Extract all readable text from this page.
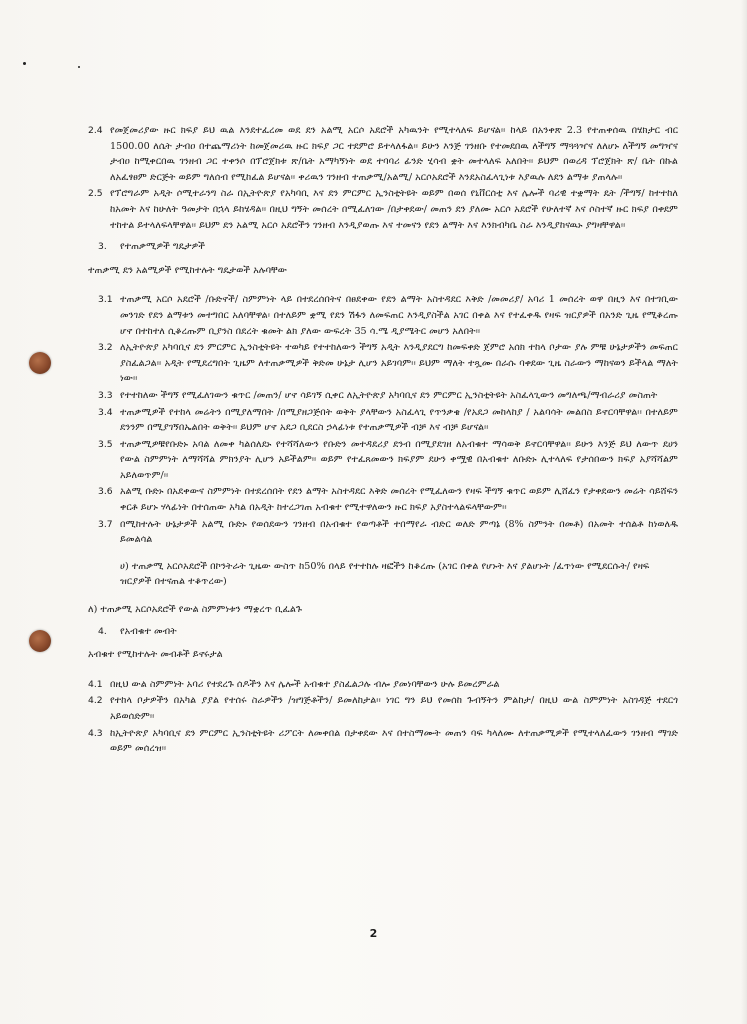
2.4 የመጀመሪያው ዙር ክፍያ ይህ ዉል እንደተፈረመ ወደ ደን አልሚ አርሶ አደሮች አካዉንት የሚተላለፍ ይሆናል፡፡ ከላይ በአንቀጽ 2.3 የተጠቀሰዉ በሄክታር ብር 1500.00 ለሴት ታብዐ በተጨማሪነት ከመጀመሪዉ ዙር ክፍያ ጋር ተደምሮ ይተላለፋል፡፡ ይሁን እንጅ ገንዘቡ የተመደበዉ ለችግኝ ማጓጓዣና ለለሆኑ ለችግኝ መግዣና ታብዐ ከሚቀርበዉ ገንዘብ ጋር ተቀንሶ በፕሮጀክቱ ጽ/ቤት አማካኝነት ወደ ተባባሪ ፊንድ ሂሳብ ቋት መተላለፍ አለበት፡፡ ይህም በወረዳ ፕሮጀክት ጽ/ ቤት በኩል ለአፈፃፀም ድርጅት ወይም ግለሰብ የሚከፈል ይሆናል፡፡ ቀሪዉን ገንዘብ ተጠቃሚ/አልሚ/ አርሶአደሮች እንደአስፈላጊነቱ እያዉሉ ለደን ልማቱ ያጠላሉ፡፡
2.5 የፕሮግራም አዲት ሶሚተራንግ ስራ በኢትዮጵያ የአካባቢ እና ደን ምርምር ኢንስቲትዩት ወይም በወሰ የኒቨርሰቲ እና ሌሎች ባሪዊ ተቋማት ዴት /ችግኝ/ ከተተከለ ከአመት እና ከሁለት ዓመታት በኋላ ይከሄዳል፡፡ በዚህ ግኝት መሰረት በሚፈለገው /በታቀደው/ መጠን ደን ያለሙ አርሶ አደሮች የሁለተኛ እና ሶስተኛ ዙር ክፍያ በቀደም ተከተል ይተላለፍላቸዋል፡፡ ይህም ደን አልሚ አርሶ አደሮችን ገንዘብ እንዲያወጡ እና ተመናን የደን ልማት እና እንክብካቤ ስራ እንዲያከናዉኑ ያግዛቸዋል፡፡
3.	የተጠቃሚዎች ግዴታዎች
ተጠቃሚ ደን አልሚዎች የሚከተሉት ግዴታወች አሉባቸው
3.1 ተጠቃሚ አርሶ አደሮች /ቡድኖች/ ስምምነት ላይ በተደረሰበትና በፀደቀው የደን ልማት አስተዳደር እቅድ /መመሪያ/ አባሪ 1 መሰረት ወዋ በዚን እና በተገቢው መንገድ የደን ልማቱን መተግበር አለባቸዋል፡ በተለይም ቋሚ የደን ሽፋን ለመፍጠር እንዲያስችል አገር በቀል እና የተፈቀዱ የዛፍ ዝርያዎች በአንድ ጊዜ የሚቆረጡ ሆኖ በተከተለ ሲቆረጡም ቢያንስ በደረት ቁመት ልክ ያለው ውፍረት 35 ሳ.ሜ ዲያሜትር መሆን አለበት፡፡
3.2 ለኢትዮጵያ አካባቢና ደን ምርምር ኢንስቲትዩት ተወካይ የተተከለውን ችግኝ አዲት እንዲያደርግ ከመፍቀድ ጀምሮ አሰክ ተከላ ቦታው ያሉ ምቹ ሁኔታዎችን መፍጠር ያስፈልጋል፡፡ አዲት የሚደረግበት ጊዜም ለተጠቃሚዎች ቅድመ ሁኔታ ሊሆን አይገባም፡፡ ይህም ማለት ተጿሙ በራሱ ባቀደው ጊዜ ስራውን ማከናወን ይችላል ማለት ነው፡፡
3.3 የተተከለው ችግኝ የሚፈለገውን ቁጥር /መጠን/ ሆኖ ሳይገኝ ሲቀር ለኢትዮጵያ አካባቢና ደን ምርምር ኢንስቲትዩት አስፈላጊውን መግለጫ/ማብራሪያ መስጠት
3.4 ተጠቃሚዎች የተከላ መሬትን በሚያለማበት /በሚያዘጋጅበት ወቅት ያላቸውን አስፈላጊ የጥንቃቄ /የአደጋ መከላከያ / አልባሳት መልበስ ይኖርባቸዋል፡፡ በተለይም ደንንም በሚያገኝበኤልበት ወቅት፡፡ ይህም ሆኖ አደጋ ቢደርስ ኃላፊነቱ የተጠቃሚዎች ብቻ እና ብቻ ይሆናል፡፡
3.5 ተጠቃሚዎቹየቡድኑ አባል ለመቀ ካልሰለደኑ የተሻሻለውን የቡድን መተዳደሪያ ደንብ በሚያደገዘ ለአብቁተ ማሳወቅ ይኖርባቸዋል፡፡ ይሁን እንጅ ይህ ለውጥ ደሀን የውል ስምምነት ለማሻሻል ምክንያት ሊሆን አይችልም፡፡ ወይም የተፈጸመውን ክፍያም ደሁን ቀሟዊ በአብቁተ ለቡድኑ ሊተላለፍ የታሰበውን ክፍያ አያሻሻልም አይለወጥም/፡፡
3.6 አልሚ ቡድኑ በአደቀውና ስምምነት በተደረሰበት የደን ልማት አስተዳደር እቅድ መሰረት የሚፈለውን የዛፍ ችግኝ ቁጥር ወይም ሊሸፈን የታቀደውን መሬት ሳይሸፍን ቀርቶ ይሆኑ ሃላፊነት በተሰጠው አካል በአዲት ከተረጋገጠ አብቁተ የሚተዋለውን ዙር ክፍያ አያስተላልፍላቸውም፡፡
3.7 በሚከተሉት ሁኔታዎች አልሚ ቡድኑ የወሰደውን ገንዘብ በአብቁተ የወጣቶች ተበማየራ ብድር ወለድ ምጣኔ (8% ስምንት በመቶ) በአመት ተሰልቶ ከነወለዱ ይመልሳል
ሀ) ተጠቃሚ አርሶአደሮች በኮንትራት ጊዜው ውስጥ ከ50% በላይ የተተከሉ ዛፎችን ከቆረጡ (አገር በቀል የሆኑት እና ያልሆኑት /ፈጥነው የሚደርሱት/ የዛፍ ዝርያዎች በተናጠል ተቆጥረው)
ለ) ተጠቃሚ አርሶአደሮች የውል ስምምነቱን ማቋረጥ ቢፈልጉ
4.	የአብቁተ መብት
አብቁተ የሚከተሉት መብቶች ይኖሩታል
4.1 በዚህ ውል ስምምነት አባሪ የተደረጉ ሰዶችን እና ሌሎች አብቁተ ያስፈልጋሉ ብሎ ያመነባቸውን ሁሉ ይመረምራል
4.2 የተከላ ቦታዎችን በአካል ያያል የተሰሩ ስራዎችን /ዝግጅቶችን/ ይመለከታል፡፡ ነገር ግን ይህ የመሰከ ጉብኝትን ምልከታ/ በዚህ ውል ስምምነት አስገዳጅ ተደርጎ አይወሰድም፡፡
4.3 ከኢትዮጵያ አካባቢና ደን ምርምር ኢንስቲትዩት ሪፖርት ለመቀበል በታቀደው እና በተስማሙት መጠን ባፍ ካላለሙ ለተጠቃሚዎች የሚተላለፈውን ገንዘብ ማገድ ወይም መሰረዝ፡፡
2
